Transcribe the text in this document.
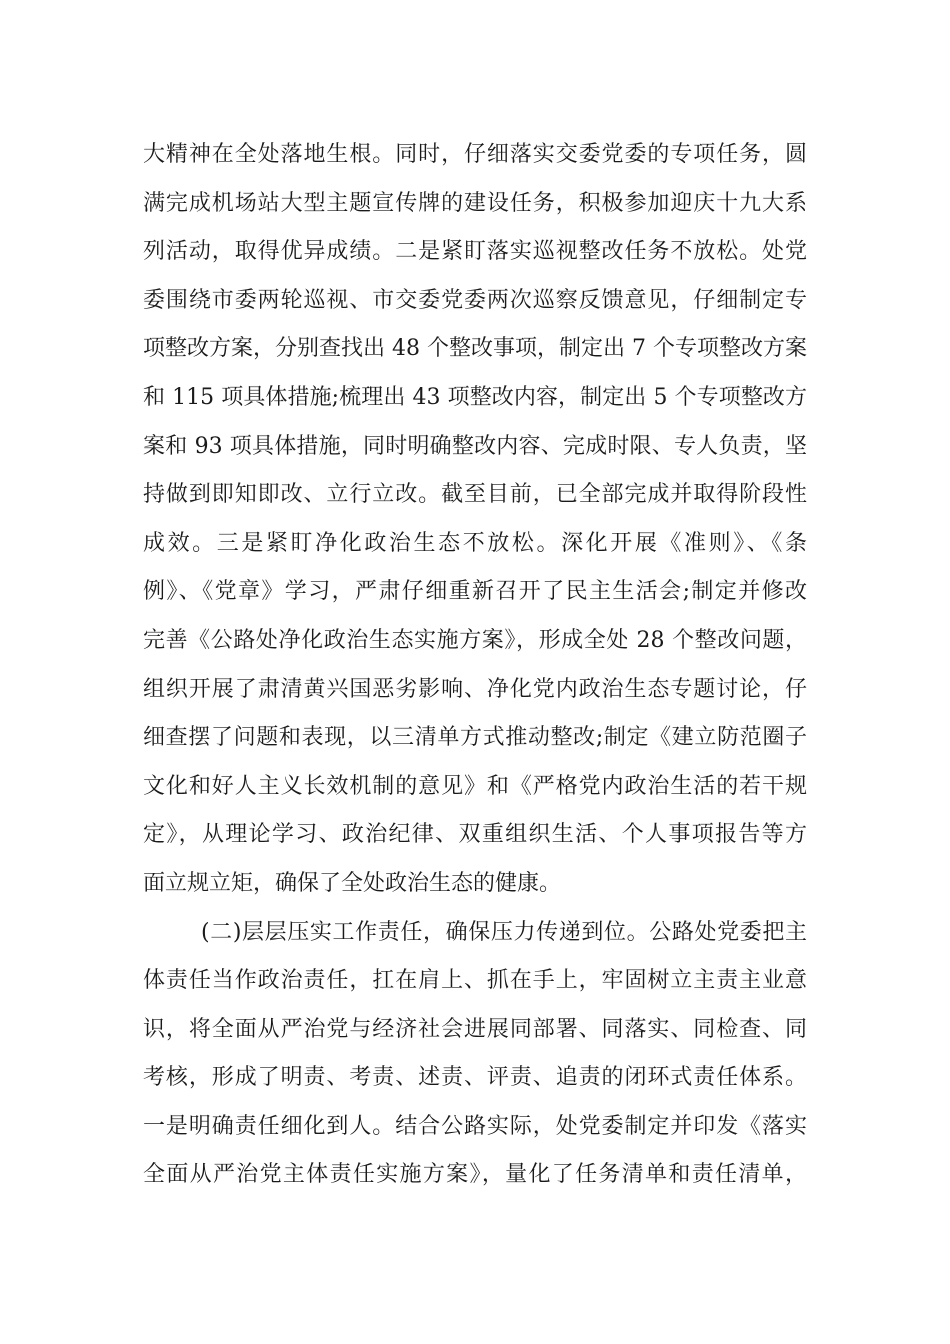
大精神在全处落地生根。同时，仔细落实交委党委的专项任务，圆
满完成机场站大型主题宣传牌的建设任务，积极参加迎庆十九大系
列活动，取得优异成绩。二是紧盯落实巡视整改任务不放松。处党
委围绕市委两轮巡视、市交委党委两次巡察反馈意见，仔细制定专
项整改方案，分别查找出 48 个整改事项，制定出 7 个专项整改方案
和 115 项具体措施;梳理出 43 项整改内容，制定出 5 个专项整改方
案和 93 项具体措施，同时明确整改内容、完成时限、专人负责，坚
持做到即知即改、立行立改。截至目前，已全部完成并取得阶段性
成效。三是紧盯净化政治生态不放松。深化开展《准则》、《条
例》、《党章》学习，严肃仔细重新召开了民主生活会;制定并修改
完善《公路处净化政治生态实施方案》，形成全处 28 个整改问题，
组织开展了肃清黄兴国恶劣影响、净化党内政治生态专题讨论，仔
细查摆了问题和表现，以三清单方式推动整改;制定《建立防范圈子
文化和好人主义长效机制的意见》和《严格党内政治生活的若干规
定》，从理论学习、政治纪律、双重组织生活、个人事项报告等方
面立规立矩，确保了全处政治生态的健康。
(二)层层压实工作责任，确保压力传递到位。公路处党委把主
体责任当作政治责任，扛在肩上、抓在手上，牢固树立主责主业意
识，将全面从严治党与经济社会进展同部署、同落实、同检查、同
考核，形成了明责、考责、述责、评责、追责的闭环式责任体系。
一是明确责任细化到人。结合公路实际，处党委制定并印发《落实
全面从严治党主体责任实施方案》，量化了任务清单和责任清单，
